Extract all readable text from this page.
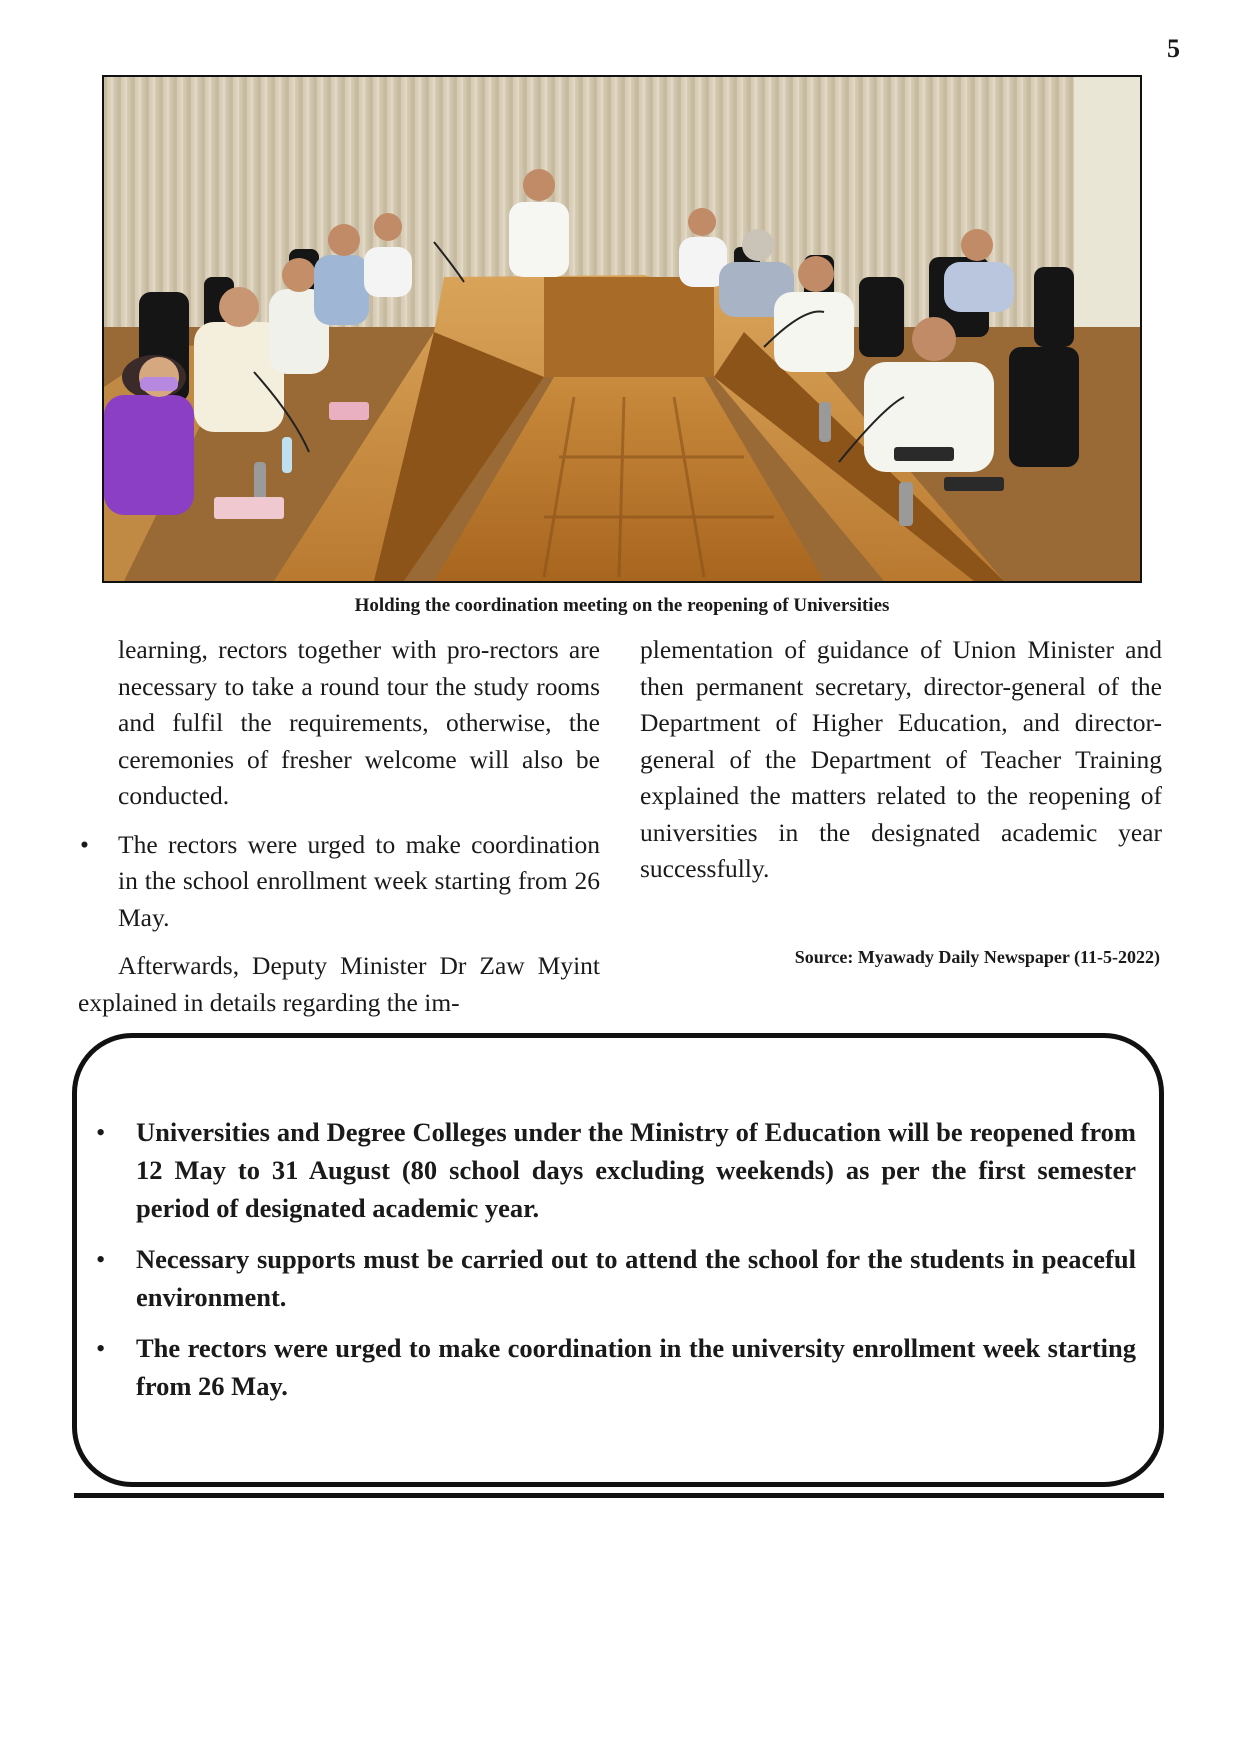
5
Holding the coordination meeting on the reopening of Universities

learning, rectors together with pro-rectors are necessary to take a round tour the study rooms and fulfil the requirements, otherwise, the ceremonies of fresher welcome will also be conducted.

• The rectors were urged to make coordination in the school enrollment week starting from 26 May.

Afterwards, Deputy Minister Dr Zaw Myint explained in details regarding the im-

plementation of guidance of Union Minister and then permanent secretary, director-general of the Department of Higher Education, and director-general of the Department of Teacher Training explained the matters related to the reopening of universities in the designated academic year successfully.

Source: Myawady Daily Newspaper (11-5-2022)
• Universities and Degree Colleges under the Ministry of Education will be reopened from 12 May to 31 August (80 school days excluding weekends) as per the first semester period of designated academic year.
• Necessary supports must be carried out to attend the school for the students in peaceful environment.
• The rectors were urged to make coordination in the university enrollment week starting from 26 May.
